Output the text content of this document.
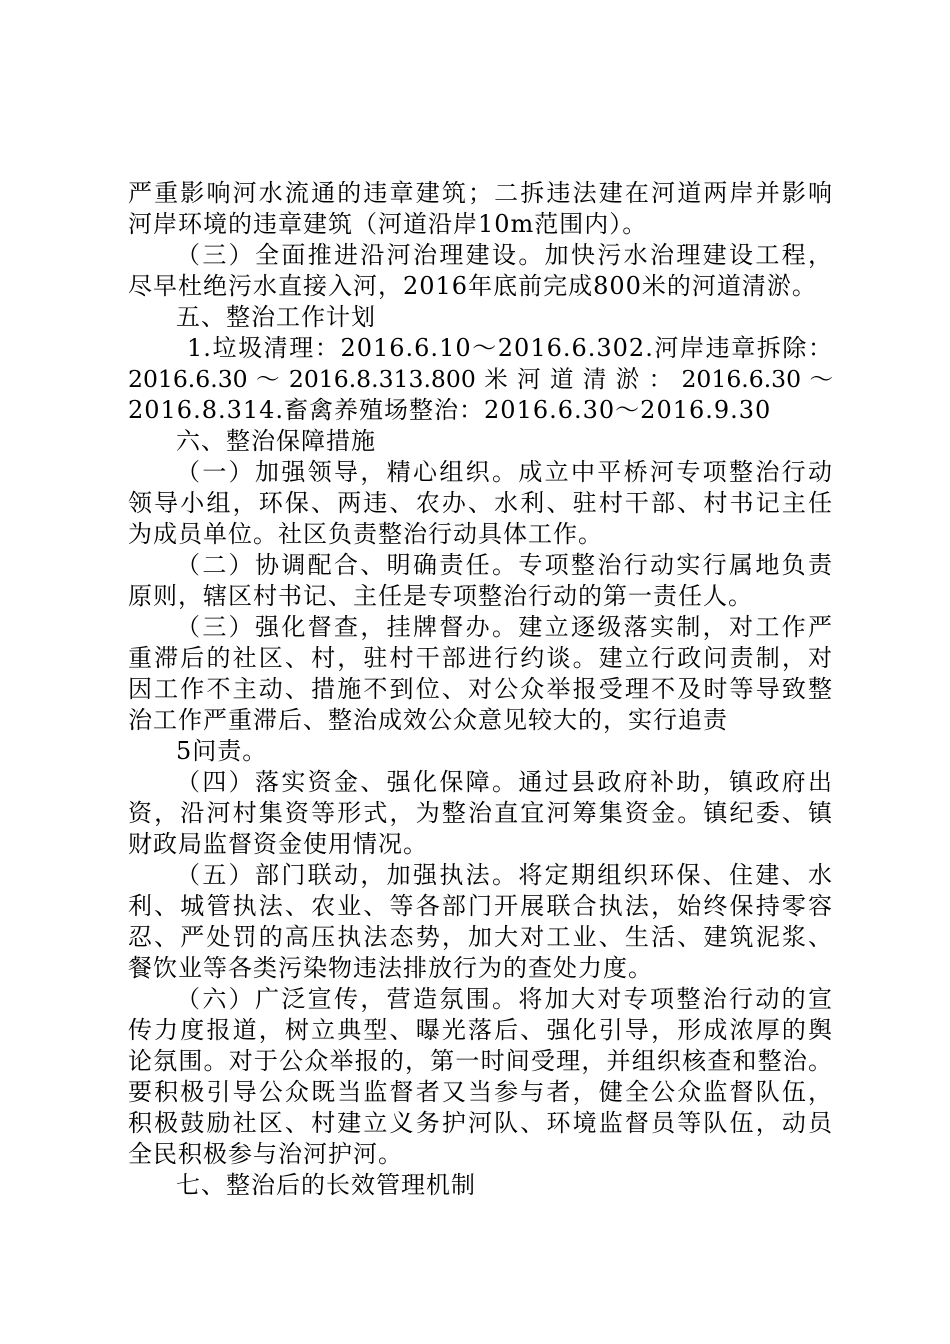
严重影响河水流通的违章建筑；二拆违法建在河道两岸并影响
河岸环境的违章建筑（河道沿岸10m范围内）。
（三）全面推进沿河治理建设。加快污水治理建设工程，
尽早杜绝污水直接入河，2016年底前完成800米的河道清淤。
五、整治工作计划
1.垃圾清理：2016.6.10～2016.6.302.河岸违章拆除：
2016.6.30 ～ 2016.8.313.800 米 河 道 清 淤 ： 2016.6.30 ～
2016.8.314.畜禽养殖场整治：2016.6.30～2016.9.30
六、整治保障措施
（一）加强领导，精心组织。成立中平桥河专项整治行动
领导小组，环保、两违、农办、水利、驻村干部、村书记主任
为成员单位。社区负责整治行动具体工作。
（二）协调配合、明确责任。专项整治行动实行属地负责
原则，辖区村书记、主任是专项整治行动的第一责任人。
（三）强化督查，挂牌督办。建立逐级落实制，对工作严
重滞后的社区、村，驻村干部进行约谈。建立行政问责制，对
因工作不主动、措施不到位、对公众举报受理不及时等导致整
治工作严重滞后、整治成效公众意见较大的，实行追责
5问责。
（四）落实资金、强化保障。通过县政府补助，镇政府出
资，沿河村集资等形式，为整治直宜河筹集资金。镇纪委、镇
财政局监督资金使用情况。
（五）部门联动，加强执法。将定期组织环保、住建、水
利、城管执法、农业、等各部门开展联合执法，始终保持零容
忍、严处罚的高压执法态势，加大对工业、生活、建筑泥浆、
餐饮业等各类污染物违法排放行为的查处力度。
（六）广泛宣传，营造氛围。将加大对专项整治行动的宣
传力度报道，树立典型、曝光落后、强化引导，形成浓厚的舆
论氛围。对于公众举报的，第一时间受理，并组织核查和整治。
要积极引导公众既当监督者又当参与者，健全公众监督队伍，
积极鼓励社区、村建立义务护河队、环境监督员等队伍，动员
全民积极参与治河护河。
七、整治后的长效管理机制
